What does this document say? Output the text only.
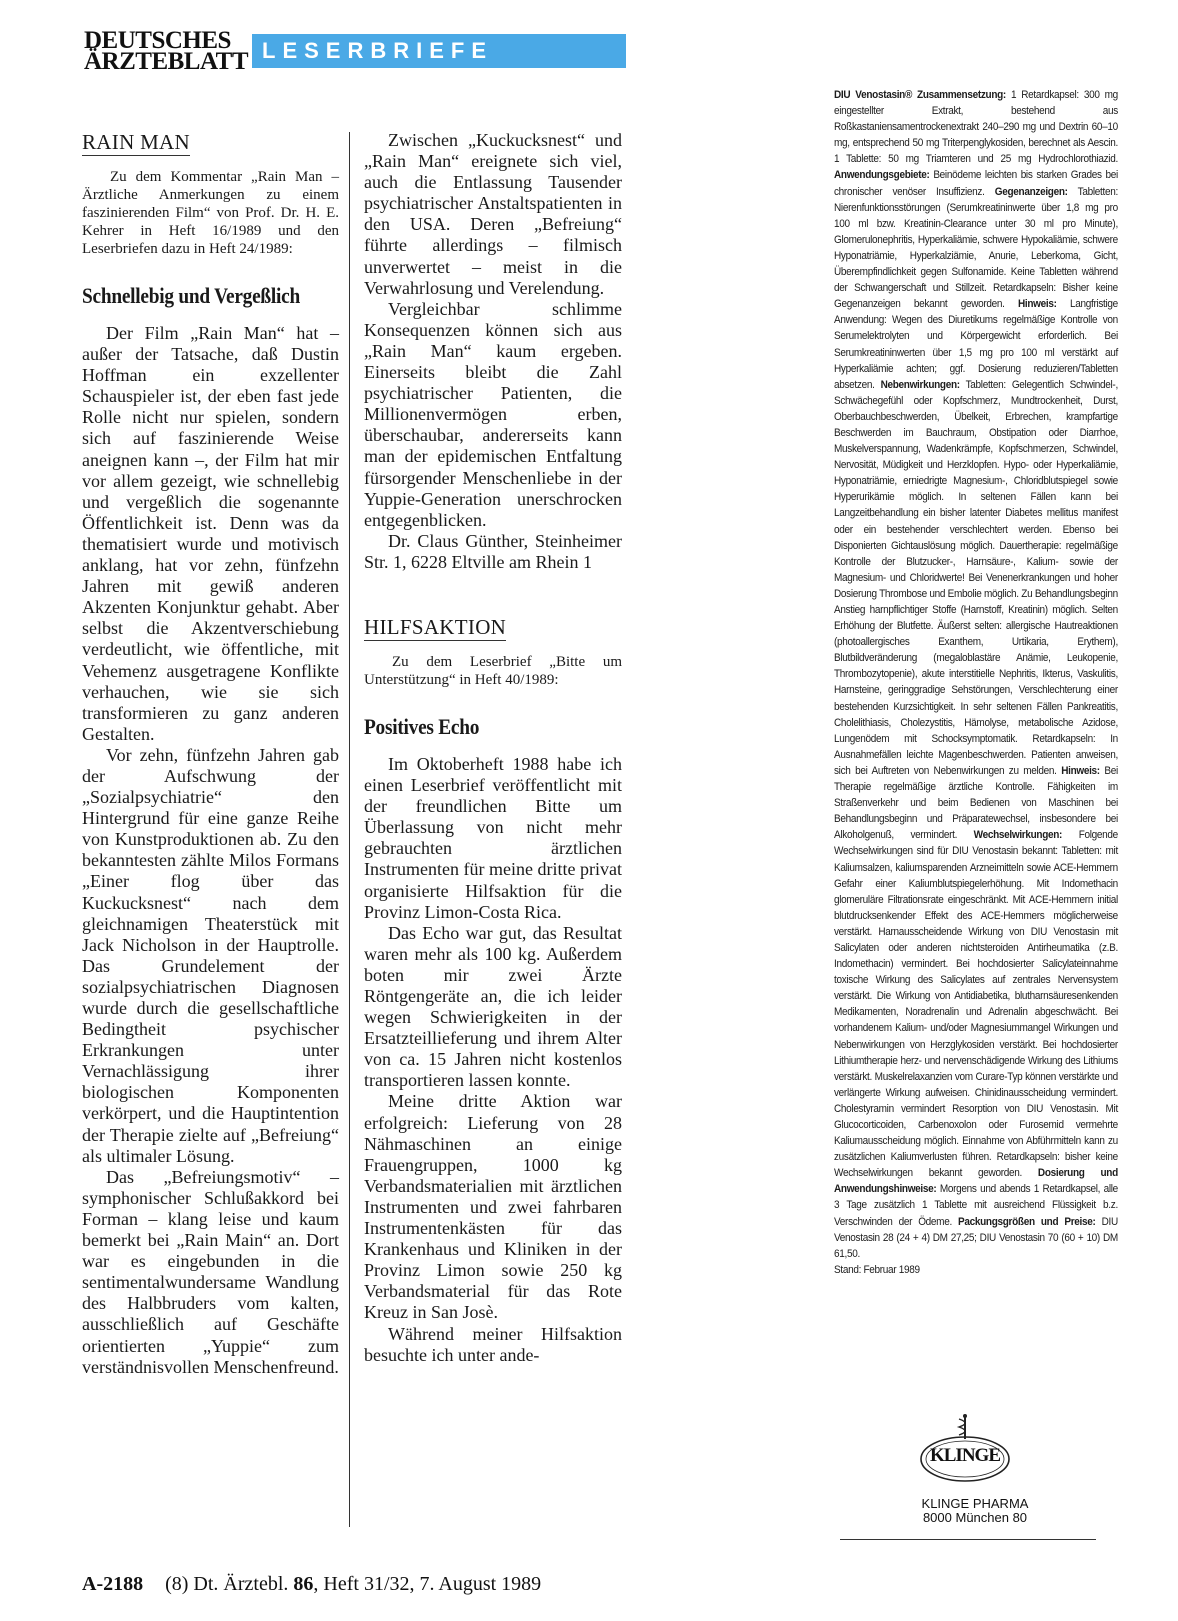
DEUTSCHES
ÄRZTEBLATT LESERBRIEFE
RAIN MAN

Zu dem Kommentar „Rain Man – Ärztliche Anmerkungen zu einem faszinierenden Film“ von Prof. Dr. H. E. Kehrer in Heft 16/1989 und den Leserbriefen dazu in Heft 24/1989:

Schnellebig und Vergeßlich

Der Film „Rain Man“ hat – außer der Tatsache, daß Dustin Hoffman ein exzellenter Schauspieler ist, der eben fast jede Rolle nicht nur spielen, sondern sich auf faszinierende Weise aneignen kann –, der Film hat mir vor allem gezeigt, wie schnellebig und vergeßlich die sogenannte Öffentlichkeit ist. Denn was da thematisiert wurde und motivisch anklang, hat vor zehn, fünfzehn Jahren mit gewiß anderen Akzenten Konjunktur gehabt. Aber selbst die Akzentverschiebung verdeutlicht, wie öffentliche, mit Vehemenz ausgetragene Konflikte verhauchen, wie sie sich transformieren zu ganz anderen Gestalten.

Vor zehn, fünfzehn Jahren gab der Aufschwung der „Sozialpsychiatrie“ den Hintergrund für eine ganze Reihe von Kunstproduktionen ab. Zu den bekanntesten zählte Milos Formans „Einer flog über das Kuckucksnest“ nach dem gleichnamigen Theaterstück mit Jack Nicholson in der Hauptrolle. Das Grundelement der sozialpsychiatrischen Diagnosen wurde durch die gesellschaftliche Bedingtheit psychischer Erkrankungen unter Vernachlässigung ihrer biologischen Komponenten verkörpert, und die Hauptintention der Therapie zielte auf „Befreiung“ als ultimaler Lösung.

Das „Befreiungsmotiv“ – symphonischer Schlußakkord bei Forman – klang leise und kaum bemerkt bei „Rain Main“ an. Dort war es eingebunden in die sentimentalwundersame Wandlung des Halbbruders vom kalten, ausschließlich auf Geschäfte orientierten „Yuppie“ zum verständnisvollen Menschenfreund.

Zwischen „Kuckucksnest“ und „Rain Man“ ereignete sich viel, auch die Entlassung Tausender psychiatrischer Anstaltspatienten in den USA. Deren „Befreiung“ führte allerdings – filmisch unverwertet – meist in die Verwahrlosung und Verelendung.

Vergleichbar schlimme Konsequenzen können sich aus „Rain Man“ kaum ergeben. Einerseits bleibt die Zahl psychiatrischer Patienten, die Millionenvermögen erben, überschaubar, andererseits kann man der epidemischen Entfaltung fürsorgender Menschenliebe in der Yuppie-Generation unerschrocken entgegenblicken.

Dr. Claus Günther, Steinheimer Str. 1, 6228 Eltville am Rhein 1

HILFSAKTION

Zu dem Leserbrief „Bitte um Unterstützung“ in Heft 40/1989:

Positives Echo

Im Oktoberheft 1988 habe ich einen Leserbrief veröffentlicht mit der freundlichen Bitte um Überlassung von nicht mehr gebrauchten ärztlichen Instrumenten für meine dritte privat organisierte Hilfsaktion für die Provinz Limon-Costa Rica.

Das Echo war gut, das Resultat waren mehr als 100 kg. Außerdem boten mir zwei Ärzte Röntgengeräte an, die ich leider wegen Schwierigkeiten in der Ersatzteillieferung und ihrem Alter von ca. 15 Jahren nicht kostenlos transportieren lassen konnte.

Meine dritte Aktion war erfolgreich: Lieferung von 28 Nähmaschinen an einige Frauengruppen, 1000 kg Verbandsmaterialien mit ärztlichen Instrumenten und zwei fahrbaren Instrumentenkästen für das Krankenhaus und Kliniken in der Provinz Limon sowie 250 kg Verbandsmaterial für das Rote Kreuz in San Josè.

Während meiner Hilfsaktion besuchte ich unter ande-

DIU Venostasin® Zusammensetzung: 1 Retardkapsel: 300 mg eingestellter Extrakt, bestehend aus Roßkastaniensamentrockenextrakt 240–290 mg und Dextrin 60–10 mg, entsprechend 50 mg Triterpenglykosiden, berechnet als Aescin. 1 Tablette: 50 mg Triamteren und 25 mg Hydrochlorothiazid. Anwendungsgebiete: Beinödeme leichten bis starken Grades bei chronischer venöser Insuffizienz. Gegenanzeigen: Tabletten: Nierenfunktionsstörungen (Serumkreatininwerte über 1,8 mg pro 100 ml bzw. Kreatinin-Clearance unter 30 ml pro Minute), Glomerulonephritis, Hyperkaliämie, schwere Hypokaliämie, schwere Hyponatriämie, Hyperkalziämie, Anurie, Leberkoma, Gicht, Überempfindlichkeit gegen Sulfonamide. Keine Tabletten während der Schwangerschaft und Stillzeit. Retardkapseln: Bisher keine Gegenanzeigen bekannt geworden. Hinweis: Langfristige Anwendung: Wegen des Diuretikums regelmäßige Kontrolle von Serumelektrolyten und Körpergewicht erforderlich. Bei Serumkreatininwerten über 1,5 mg pro 100 ml verstärkt auf Hyperkaliämie achten; ggf. Dosierung reduzieren/Tabletten absetzen. Nebenwirkungen: Tabletten: Gelegentlich Schwindel-, Schwächegefühl oder Kopfschmerz, Mundtrockenheit, Durst, Oberbauchbeschwerden, Übelkeit, Erbrechen, krampfartige Beschwerden im Bauchraum, Obstipation oder Diarrhoe, Muskelverspannung, Wadenkrämpfe, Kopfschmerzen, Schwindel, Nervosität, Müdigkeit und Herzklopfen. Hypo- oder Hyperkaliämie, Hyponatriämie, erniedrigte Magnesium-, Chloridblutspiegel sowie Hyperurikämie möglich. In seltenen Fällen kann bei Langzeitbehandlung ein bisher latenter Diabetes mellitus manifest oder ein bestehender verschlechtert werden. Ebenso bei Disponierten Gichtauslösung möglich. Dauertherapie: regelmäßige Kontrolle der Blutzucker-, Harnsäure-, Kalium- sowie der Magnesium- und Chloridwerte! Bei Venenerkrankungen und hoher Dosierung Thrombose und Embolie möglich. Zu Behandlungsbeginn Anstieg harnpflichtiger Stoffe (Harnstoff, Kreatinin) möglich. Selten Erhöhung der Blutfette. Äußerst selten: allergische Hautreaktionen (photoallergisches Exanthem, Urtikaria, Erythem), Blutbildveränderung (megaloblastäre Anämie, Leukopenie, Thrombozytopenie), akute interstitielle Nephritis, Ikterus, Vaskulitis, Harnsteine, geringgradige Sehstörungen, Verschlechterung einer bestehenden Kurzsichtigkeit. In sehr seltenen Fällen Pankreatitis, Cholelithiasis, Cholezystitis, Hämolyse, metabolische Azidose, Lungenödem mit Schocksymptomatik. Retardkapseln: In Ausnahmefällen leichte Magenbeschwerden. Patienten anweisen, sich bei Auftreten von Nebenwirkungen zu melden. Hinweis: Bei Therapie regelmäßige ärztliche Kontrolle. Fähigkeiten im Straßenverkehr und beim Bedienen von Maschinen bei Behandlungsbeginn und Präparatewechsel, insbesondere bei Alkoholgenuß, vermindert. Wechselwirkungen: Folgende Wechselwirkungen sind für DIU Venostasin bekannt: Tabletten: mit Kaliumsalzen, kaliumsparenden Arzneimitteln sowie ACE-Hemmern Gefahr einer Kaliumblutspiegelerhöhung. Mit Indomethacin glomeruläre Filtrationsrate eingeschränkt. Mit ACE-Hemmern initial blutdrucksenkender Effekt des ACE-Hemmers möglicherweise verstärkt. Harnausscheidende Wirkung von DIU Venostasin mit Salicylaten oder anderen nichtsteroiden Antirheumatika (z.B. Indomethacin) vermindert. Bei hochdosierter Salicylateinnahme toxische Wirkung des Salicylates auf zentrales Nervensystem verstärkt. Die Wirkung von Antidiabetika, blutharnsäuresenkenden Medikamenten, Noradrenalin und Adrenalin abgeschwächt. Bei vorhandenem Kalium- und/oder Magnesiummangel Wirkungen und Nebenwirkungen von Herzglykosiden verstärkt. Bei hochdosierter Lithiumtherapie herz- und nervenschädigende Wirkung des Lithiums verstärkt. Muskelrelaxanzien vom Curare-Typ können verstärkte und verlängerte Wirkung aufweisen. Chinidinausscheidung vermindert. Cholestyramin vermindert Resorption von DIU Venostasin. Mit Glucocorticoiden, Carbenoxolon oder Furosemid vermehrte Kaliumausscheidung möglich. Einnahme von Abführmitteln kann zu zusätzlichen Kaliumverlusten führen. Retardkapseln: bisher keine Wechselwirkungen bekannt geworden. Dosierung und Anwendungshinweise: Morgens und abends 1 Retardkapsel, alle 3 Tage zusätzlich 1 Tablette mit ausreichend Flüssigkeit b.z. Verschwinden der Ödeme. Packungsgrößen und Preise: DIU Venostasin 28 (24 + 4) DM 27,25; DIU Venostasin 70 (60 + 10) DM 61,50.
Stand: Februar 1989
KLINGE
KLINGE PHARMA
8000 München 80
A-2188 (8) Dt. Ärztebl. 86, Heft 31/32, 7. August 1989
